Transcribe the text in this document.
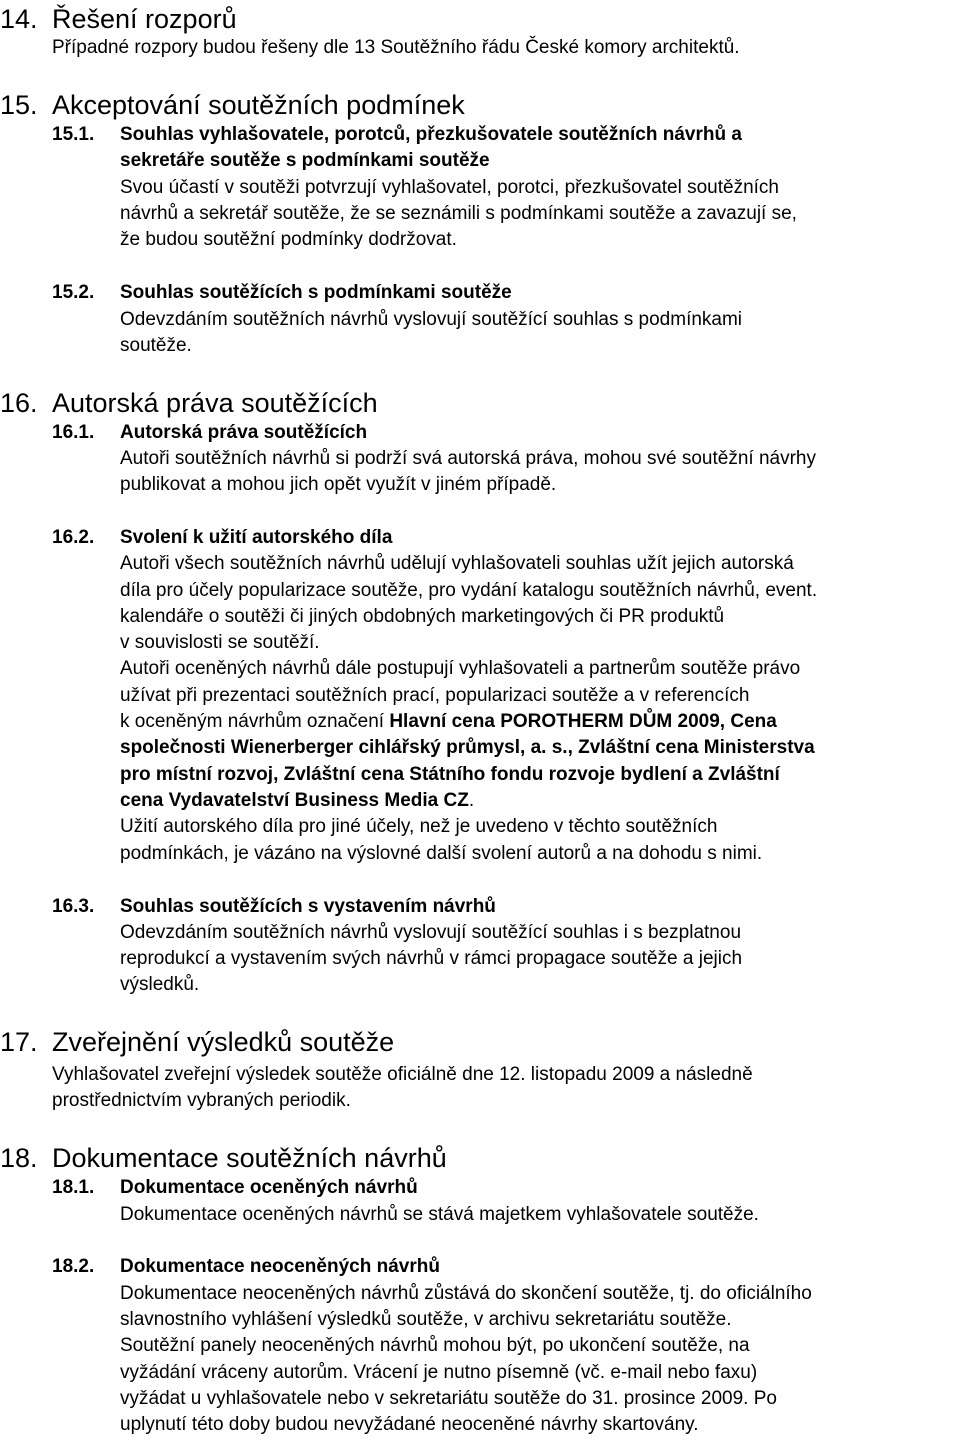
14. Řešení rozporů
Případné rozpory budou řešeny dle 13 Soutěžního řádu České komory architektů.
15. Akceptování soutěžních podmínek
15.1. Souhlas vyhlašovatele, porotců, přezkušovatele soutěžních návrhů a
sekretáře soutěže s podmínkami soutěže
Svou účastí v soutěži potvrzují vyhlašovatel, porotci, přezkušovatel soutěžních
návrhů a sekretář soutěže, že se seznámili s podmínkami soutěže a zavazují se,
že budou soutěžní podmínky dodržovat.
15.2. Souhlas soutěžících s podmínkami soutěže
Odevzdáním soutěžních návrhů vyslovují soutěžící souhlas s podmínkami
soutěže.
16. Autorská práva soutěžících
16.1. Autorská práva soutěžících
Autoři soutěžních návrhů si podrží svá autorská práva, mohou své soutěžní návrhy
publikovat a mohou jich opět využít v jiném případě.
16.2. Svolení k užití autorského díla
Autoři všech soutěžních návrhů udělují vyhlašovateli souhlas užít jejich autorská
díla pro účely popularizace soutěže, pro vydání katalogu soutěžních návrhů, event.
kalendáře o soutěži či jiných obdobných marketingových či PR produktů
v souvislosti se soutěží.
Autoři oceněných návrhů dále postupují vyhlašovateli a partnerům soutěže právo
užívat při prezentaci soutěžních prací, popularizaci soutěže a v referencích
k oceněným návrhům označení Hlavní cena POROTHERM DŮM 2009, Cena
společnosti Wienerberger cihlářský průmysl, a. s., Zvláštní cena Ministerstva
pro místní rozvoj, Zvláštní cena Státního fondu rozvoje bydlení a Zvláštní
cena Vydavatelství Business Media CZ.
Užití autorského díla pro jiné účely, než je uvedeno v těchto soutěžních
podmínkách, je vázáno na výslovné další svolení autorů a na dohodu s nimi.
16.3. Souhlas soutěžících s vystavením návrhů
Odevzdáním soutěžních návrhů vyslovují soutěžící souhlas i s bezplatnou
reprodukcí a vystavením svých návrhů v rámci propagace soutěže a jejich
výsledků.
17. Zveřejnění výsledků soutěže
Vyhlašovatel zveřejní výsledek soutěže oficiálně dne 12. listopadu 2009 a následně
prostřednictvím vybraných periodik.
18. Dokumentace soutěžních návrhů
18.1. Dokumentace oceněných návrhů
Dokumentace oceněných návrhů se stává majetkem vyhlašovatele soutěže.
18.2. Dokumentace neoceněných návrhů
Dokumentace neoceněných návrhů zůstává do skončení soutěže, tj. do oficiálního
slavnostního vyhlášení výsledků soutěže, v archivu sekretariátu soutěže.
Soutěžní panely neoceněných návrhů mohou být, po ukončení soutěže, na
vyžádání vráceny autorům. Vrácení je nutno písemně (vč. e-mail nebo faxu)
vyžádat u vyhlašovatele nebo v sekretariátu soutěže do 31. prosince 2009. Po
uplynutí této doby budou nevyžádané neoceněné návrhy skartovány.
